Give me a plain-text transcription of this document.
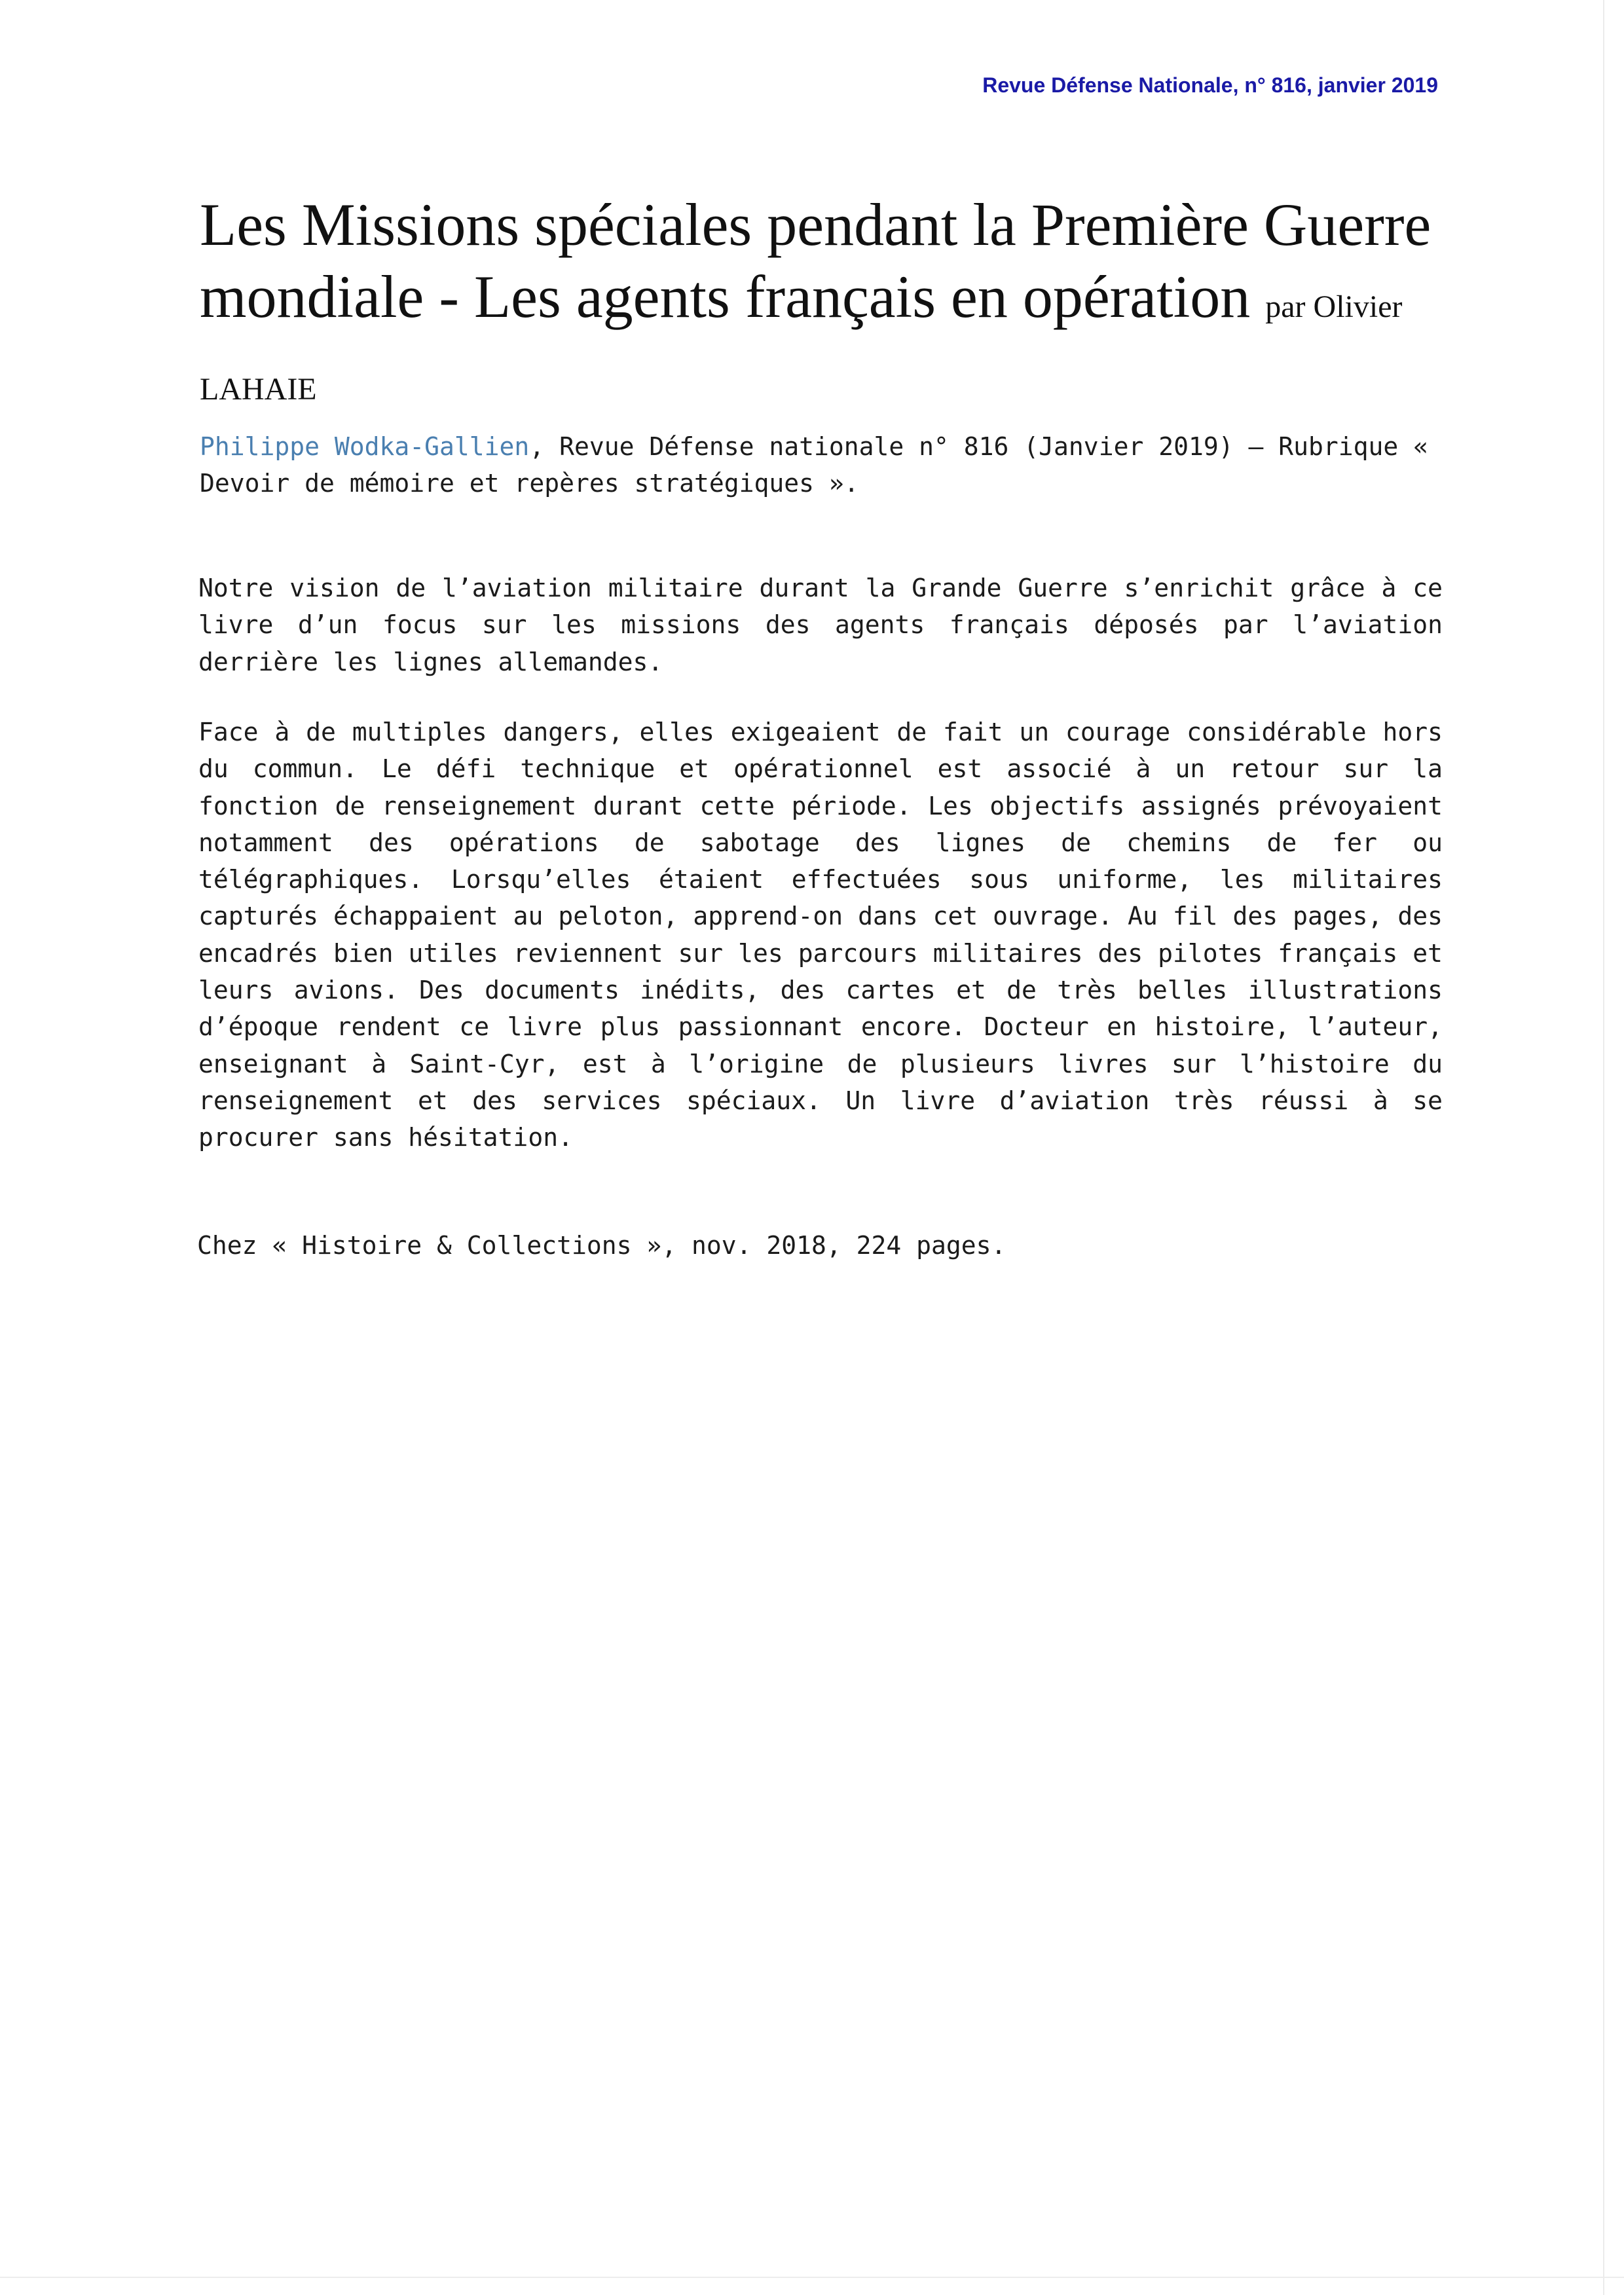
Revue Défense Nationale, n° 816, janvier 2019
Les Missions spéciales pendant la Première Guerre mondiale - Les agents français en opération par Olivier LAHAIE

Philippe Wodka-Gallien, Revue Défense nationale n° 816 (Janvier 2019) – Rubrique « Devoir de mémoire et repères stratégiques ».

Notre vision de l’aviation militaire durant la Grande Guerre s’enrichit grâce à ce livre d’un focus sur les missions des agents français déposés par l’aviation derrière les lignes allemandes.

Face à de multiples dangers, elles exigeaient de fait un courage considérable hors du commun. Le défi technique et opérationnel est associé à un retour sur la fonction de renseignement durant cette période. Les objectifs assignés prévoyaient notamment des opérations de sabotage des lignes de chemins de fer ou télégraphiques. Lorsqu’elles étaient effectuées sous uniforme, les militaires capturés échappaient au peloton, apprend-on dans cet ouvrage. Au fil des pages, des encadrés bien utiles reviennent sur les parcours militaires des pilotes français et leurs avions. Des documents inédits, des cartes et de très belles illustrations d’époque rendent ce livre plus passionnant encore. Docteur en histoire, l’auteur, enseignant à Saint-Cyr, est à l’origine de plusieurs livres sur l’histoire du renseignement et des services spéciaux. Un livre d’aviation très réussi à se procurer sans hésitation.

Chez « Histoire & Collections », nov. 2018, 224 pages.
